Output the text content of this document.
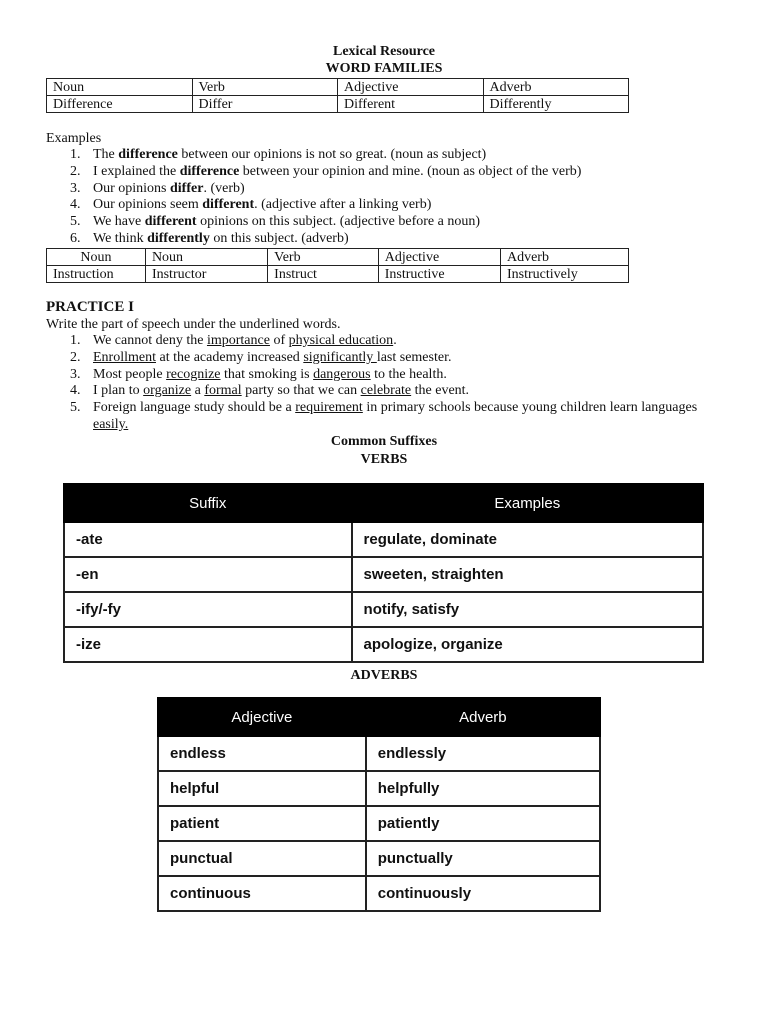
Lexical Resource
WORD FAMILIES
Noun	Verb	Adjective	Adverb
Difference	Differ	Different	Differently
Examples
1. The difference between our opinions is not so great. (noun as subject)
2. I explained the difference between your opinion and mine. (noun as object of the verb)
3. Our opinions differ. (verb)
4. Our opinions seem different. (adjective after a linking verb)
5. We have different opinions on this subject. (adjective before a noun)
6. We think differently on this subject. (adverb)
Noun	Noun	Verb	Adjective	Adverb
Instruction	Instructor	Instruct	Instructive	Instructively
PRACTICE I
Write the part of speech under the underlined words.
1. We cannot deny the importance of physical education.
2. Enrollment at the academy increased significantly last semester.
3. Most people recognize that smoking is dangerous to the health.
4. I plan to organize a formal party so that we can celebrate the event.
5. Foreign language study should be a requirement in primary schools because young children learn languages easily.
Common Suffixes
VERBS
Suffix	Examples
-ate	regulate, dominate
-en	sweeten, straighten
-ify/-fy	notify, satisfy
-ize	apologize, organize
ADVERBS
Adjective	Adverb
endless	endlessly
helpful	helpfully
patient	patiently
punctual	punctually
continuous	continuously
